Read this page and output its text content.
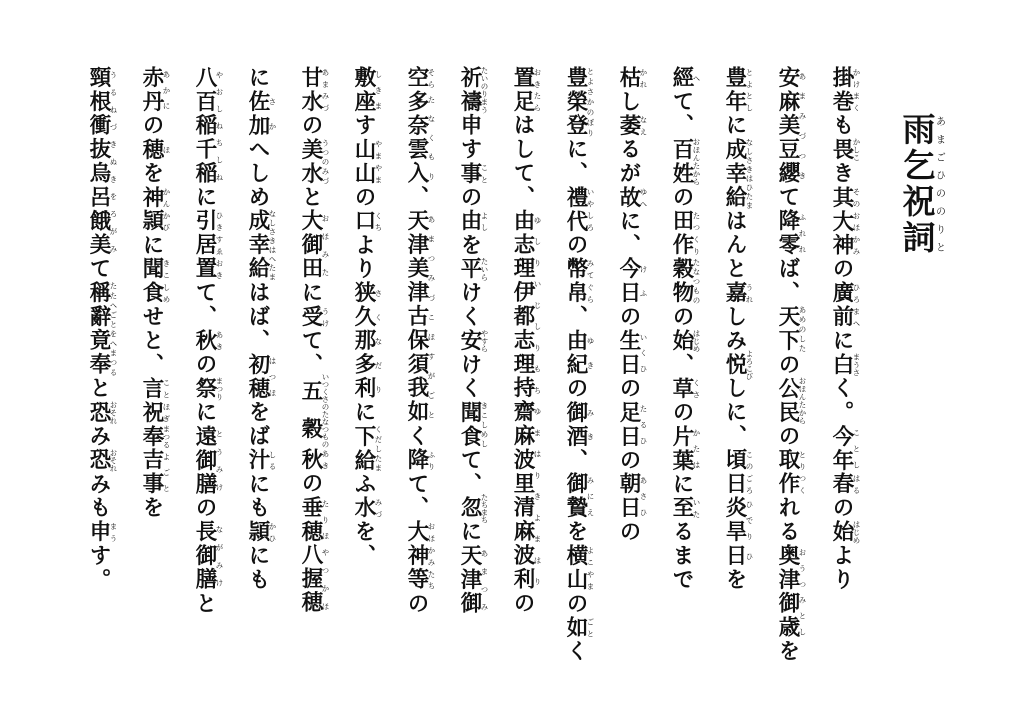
雨乞祝詞あまごひののりと
掛巻かけまくも畏かしこき其大神そのおほかみの廣前ひろまへに白まうさく。今年ことし春はるの始はじめより
安麻美豆纓あまみづつきて降零ふれれば、天下あめのしたの公民おほんたからの取作とりつくれる奥津御歳おうつみとしを
豊年とよとしに成幸給なしさきはひたまはんと嘉うれしみ悦よろこびしに、頃日このごろ炎旱ひでり日ひを
經へて、百姓おほんたからの田作たつくり穀物たなつものの始はじめ、草くさの片葉かたはに至いたるまで
枯かれし萎なえるが故ゆへに、今日けふの生日いくひの足日たるひの朝日あさひの
豊榮登とよさかのぼりに、禮代いやしろの幣帛みてぐら、由紀ゆきの御酒みき、御贄みにえを横山よこやまの如ごとく
置足おきたらはして、由志理伊都志理持齋麻波里清麻波利ゆしりいじしりもちゆまはりきよまはりの
祈禱たいのりまう申す事ことの由よしを平たいらけく安やすらけく聞食きこしめして、忽たちまちに天津御あまつみ
空そら多奈雲入たなくもり、天津美津古保須我如あまつみづこほすがごとく降ふりて、大神等おほかみたちの
敷座しきます山やま山やまの口くちより狭久那多利さくなだりに下給くだしたまふ水みづを、
甘水あまみづの美水うつのみづと大御田おほみたに受うけて、五穀いつくさのたなつもの秋あきの垂穂たりほ八握穂やつかほ
に佐加さかへしめ成幸給なしさきはへたまはば、初穂はつほをば汁しるにも頴かひにも
八百稲千稲やおしねちしねに引居置ひきすゑおきて、秋あきの祭まつりに遠御膳とうみけの長御膳ながみけと
赤丹あかにの穂ほを神かん頴かびに聞食きこしめせと、言祝ことほぎ奉まつる吉事よごとを
頸根衝抜烏呂餓美うるねづきぬきをろがみて稱辭竟奉たたへごとをへまつると恐おそれみ恐おそれみも申まうす。
